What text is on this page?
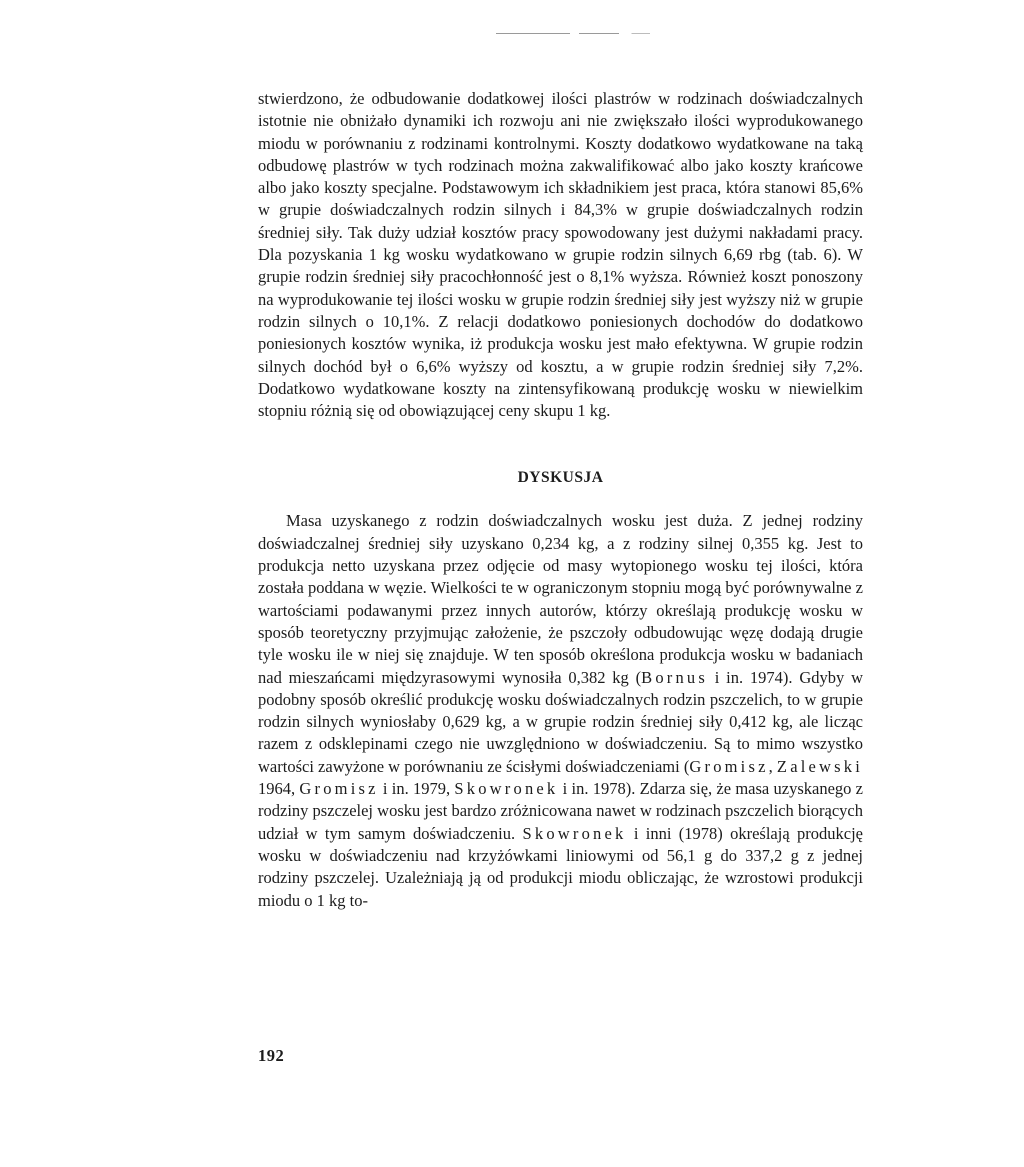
stwierdzono, że odbudowanie dodatkowej ilości plastrów w rodzinach doświadczalnych istotnie nie obniżało dynamiki ich rozwoju ani nie zwiększało ilości wyprodukowanego miodu w porównaniu z rodzinami kontrolnymi. Koszty dodatkowo wydatkowane na taką odbudowę plastrów w tych rodzinach można zakwalifikować albo jako koszty krańcowe albo jako koszty specjalne. Podstawowym ich składnikiem jest praca, która stanowi 85,6% w grupie doświadczalnych rodzin silnych i 84,3% w grupie doświadczalnych rodzin średniej siły. Tak duży udział kosztów pracy spowodowany jest dużymi nakładami pracy. Dla pozyskania 1 kg wosku wydatkowano w grupie rodzin silnych 6,69 rbg (tab. 6). W grupie rodzin średniej siły pracochłonność jest o 8,1% wyższa. Również koszt ponoszony na wyprodukowanie tej ilości wosku w grupie rodzin średniej siły jest wyższy niż w grupie rodzin silnych o 10,1%. Z relacji dodatkowo poniesionych dochodów do dodatkowo poniesionych kosztów wynika, iż produkcja wosku jest mało efektywna. W grupie rodzin silnych dochód był o 6,6% wyższy od kosztu, a w grupie rodzin średniej siły 7,2%. Dodatkowo wydatkowane koszty na zintensyfikowaną produkcję wosku w niewielkim stopniu różnią się od obowiązującej ceny skupu 1 kg.

DYSKUSJA

Masa uzyskanego z rodzin doświadczalnych wosku jest duża. Z jednej rodziny doświadczalnej średniej siły uzyskano 0,234 kg, a z rodziny silnej 0,355 kg. Jest to produkcja netto uzyskana przez odjęcie od masy wytopionego wosku tej ilości, która została poddana w węzie. Wielkości te w ograniczonym stopniu mogą być porównywalne z wartościami podawanymi przez innych autorów, którzy określają produkcję wosku w sposób teoretyczny przyjmując założenie, że pszczoły odbudowując węzę dodają drugie tyle wosku ile w niej się znajduje. W ten sposób określona produkcja wosku w badaniach nad mieszańcami międzyrasowymi wynosiła 0,382 kg (Bornus i in. 1974). Gdyby w podobny sposób określić produkcję wosku doświadczalnych rodzin pszczelich, to w grupie rodzin silnych wyniosłaby 0,629 kg, a w grupie rodzin średniej siły 0,412 kg, ale licząc razem z odsklepinami czego nie uwzględniono w doświadczeniu. Są to mimo wszystko wartości zawyżone w porównaniu ze ścisłymi doświadczeniami (Gromisz, Zalewski 1964, Gromisz i in. 1979, Skowronek i in. 1978). Zdarza się, że masa uzyskanego z rodziny pszczelej wosku jest bardzo zróżnicowana nawet w rodzinach pszczelich biorących udział w tym samym doświadczeniu. Skowronek i inni (1978) określają produkcję wosku w doświadczeniu nad krzyżówkami liniowymi od 56,1 g do 337,2 g z jednej rodziny pszczelej. Uzależniają ją od produkcji miodu obliczając, że wzrostowi produkcji miodu o 1 kg to-

192
